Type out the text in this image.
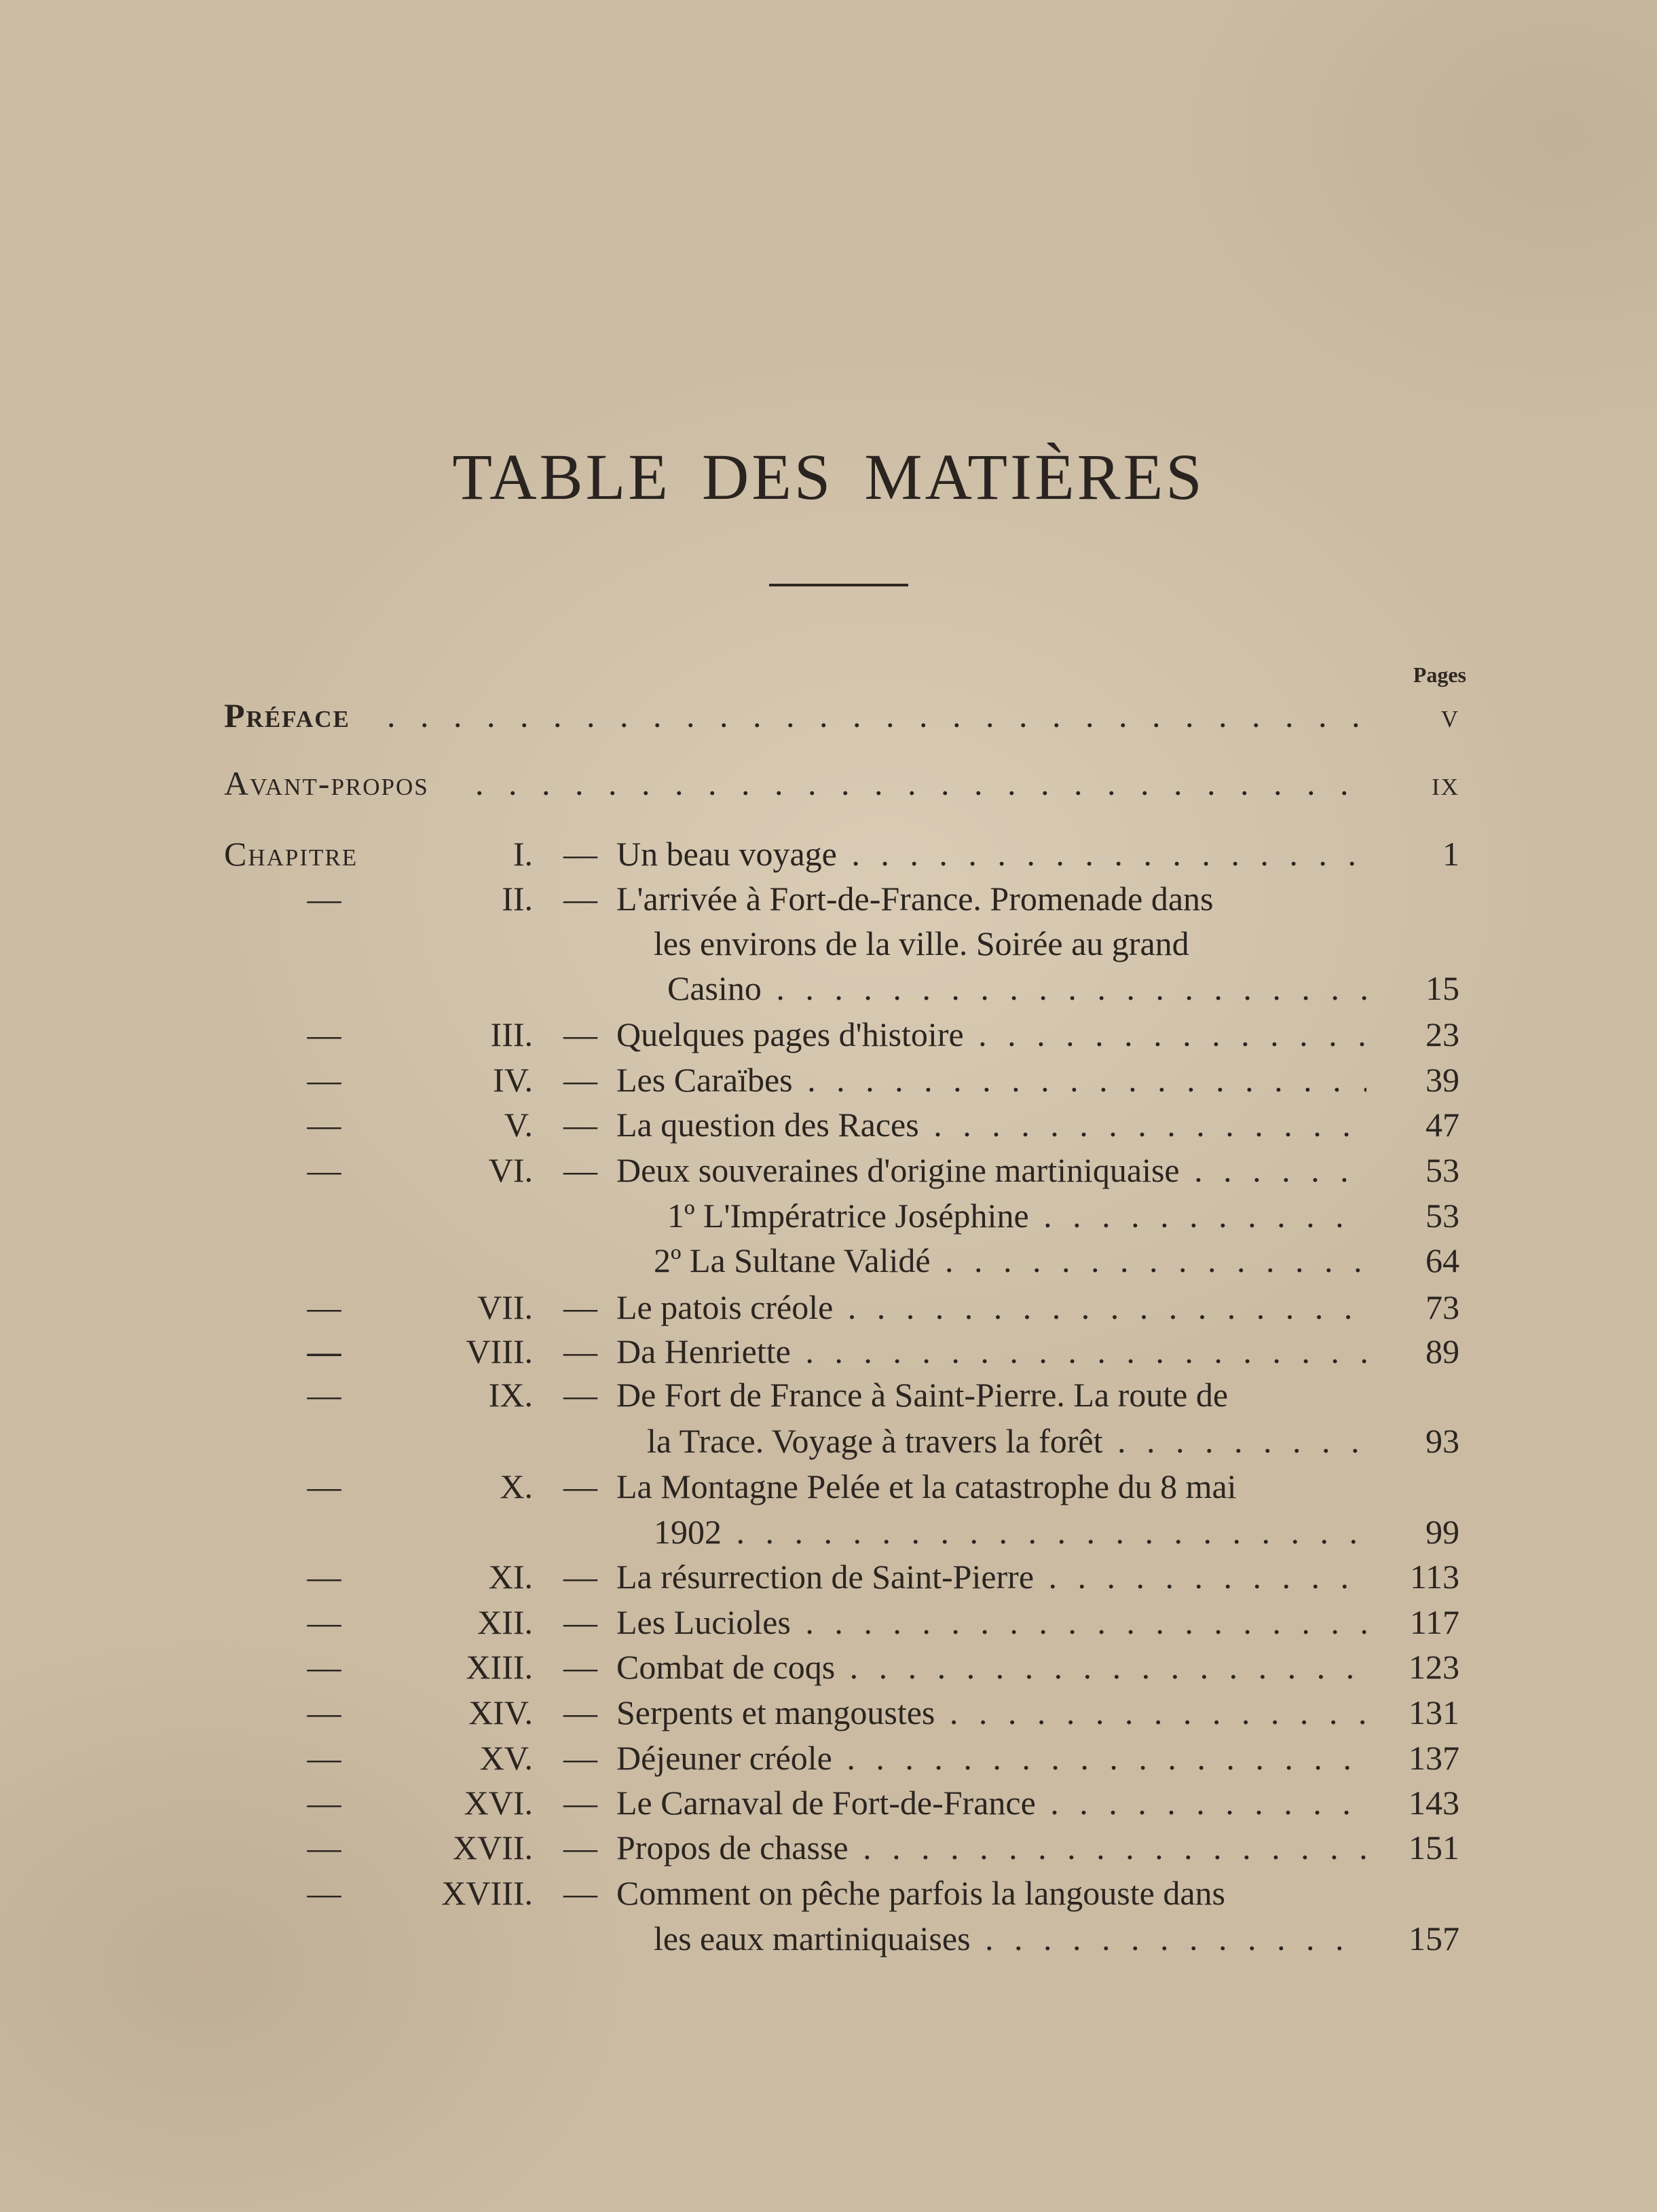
TABLE DES MATIÈRES
Pages
Préface . . .	v
Avant-propos . . .	ix
Chapitre	I. — Un beau voyage . . .	1
—	II. — L'arrivée à Fort-de-France. Promenade dans
les environs de la ville. Soirée au grand
Casino . . .	15
—	III. — Quelques pages d'histoire . . .	23
—	IV. — Les Caraïbes . . .	39
—	V. — La question des Races . . .	47
—	VI. — Deux souveraines d'origine martiniquaise . . .	53
1º L'Impératrice Joséphine . . .	53
2º La Sultane Validé . . .	64
—	VII. — Le patois créole . . .	73
—	VIII. — Da Henriette . . .	89
—	IX. — De Fort de France à Saint-Pierre. La route de
la Trace. Voyage à travers la forêt . . .	93
—	X. — La Montagne Pelée et la catastrophe du 8 mai
1902 . . .	99
—	XI. — La résurrection de Saint-Pierre . . .	113
—	XII. — Les Lucioles . . .	117
—	XIII. — Combat de coqs . . .	123
—	XIV. — Serpents et mangoustes . . .	131
—	XV. — Déjeuner créole . . .	137
—	XVI. — Le Carnaval de Fort-de-France . . .	143
—	XVII. — Propos de chasse . . .	151
—	XVIII. — Comment on pêche parfois la langouste dans
les eaux martiniquaises . . .	157
